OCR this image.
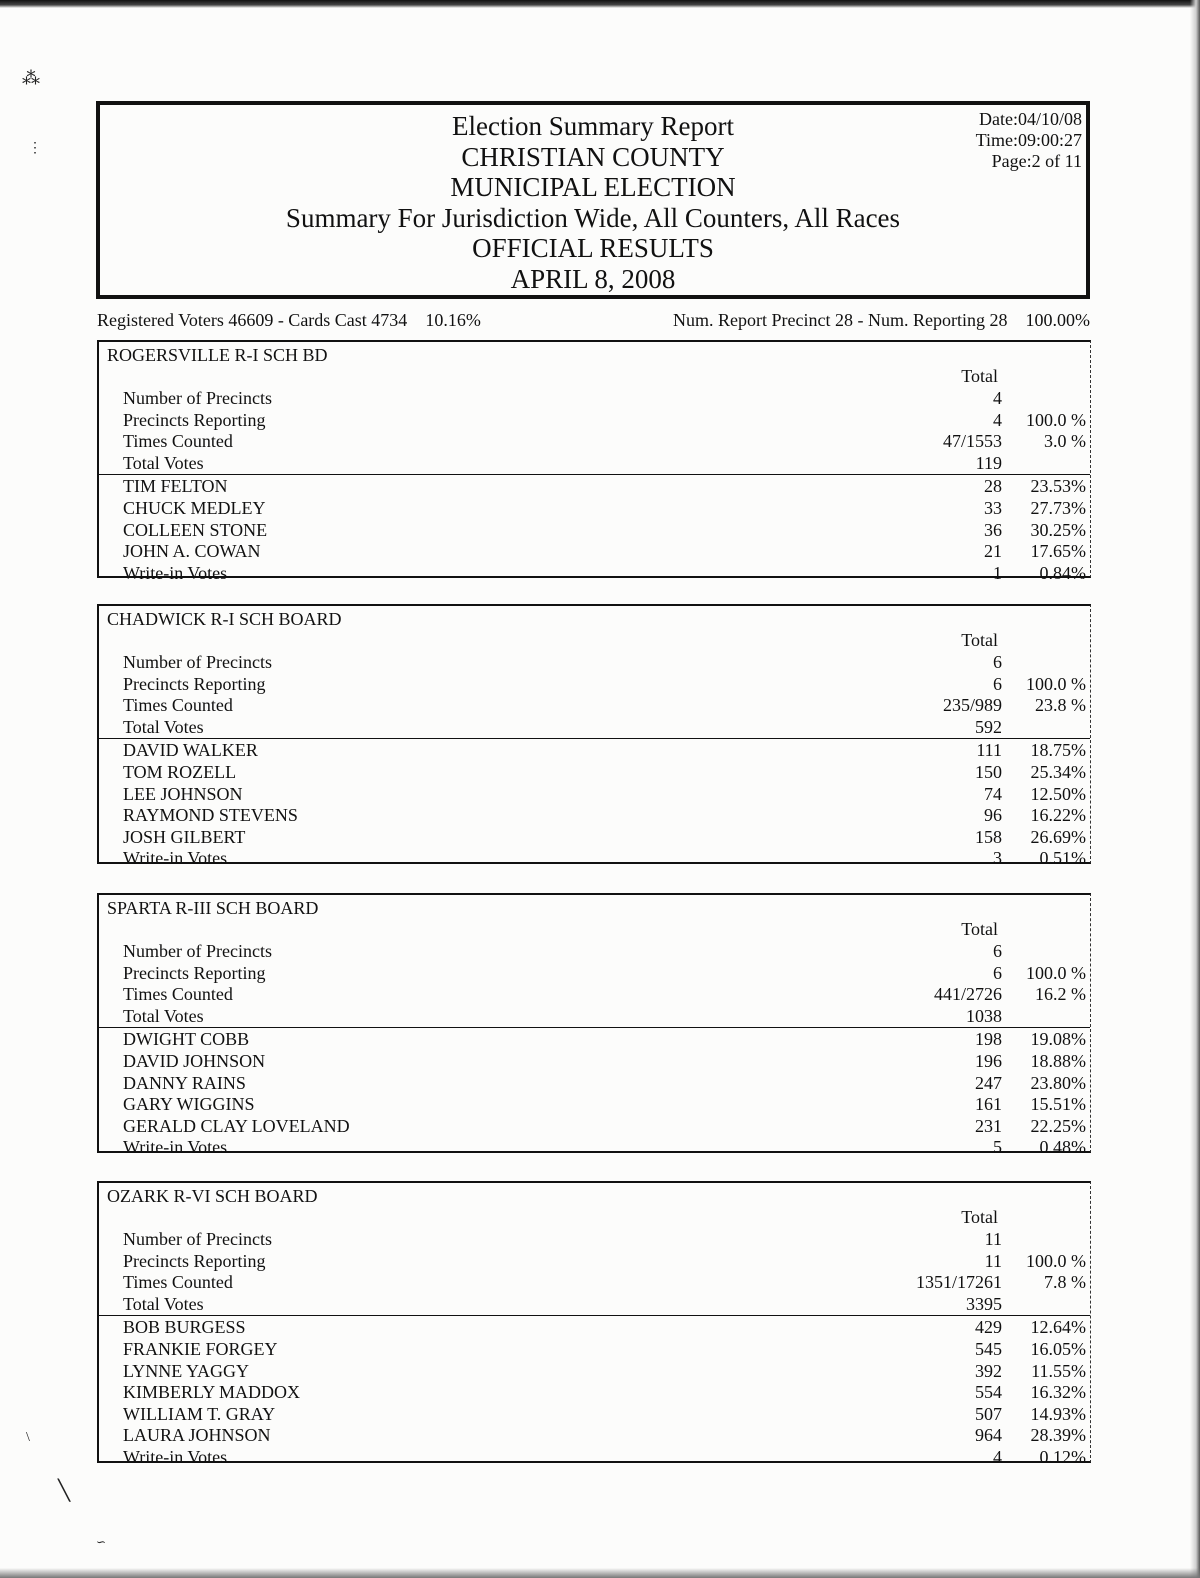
⁂
⋮
\
╲
∽
Election Summary Report
CHRISTIAN COUNTY
MUNICIPAL ELECTION
Summary For Jurisdiction Wide, All Counters, All Races
OFFICIAL RESULTS
APRIL 8, 2008
Date:04/10/08
Time:09:00:27
Page:2 of 11
Registered Voters 46609 - Cards Cast 4734 10.16%	Num. Report Precinct 28 - Num. Reporting 28 100.00%
ROGERSVILLE R-I SCH BD
Total
Number of Precincts	4
Precincts Reporting	4 100.0 %
Times Counted	47/1553 3.0 %
Total Votes	119
TIM FELTON	28 23.53%
CHUCK MEDLEY	33 27.73%
COLLEEN STONE	36 30.25%
JOHN A. COWAN	21 17.65%
Write-in Votes	1 0.84%
CHADWICK R-I SCH BOARD
Total
Number of Precincts	6
Precincts Reporting	6 100.0 %
Times Counted	235/989 23.8 %
Total Votes	592
DAVID WALKER	111 18.75%
TOM ROZELL	150 25.34%
LEE JOHNSON	74 12.50%
RAYMOND STEVENS	96 16.22%
JOSH GILBERT	158 26.69%
Write-in Votes	3 0.51%
SPARTA R-III SCH BOARD
Total
Number of Precincts	6
Precincts Reporting	6 100.0 %
Times Counted	441/2726 16.2 %
Total Votes	1038
DWIGHT COBB	198 19.08%
DAVID JOHNSON	196 18.88%
DANNY RAINS	247 23.80%
GARY WIGGINS	161 15.51%
GERALD CLAY LOVELAND	231 22.25%
Write-in Votes	5 0.48%
OZARK R-VI SCH BOARD
Total
Number of Precincts	11
Precincts Reporting	11 100.0 %
Times Counted	1351/17261 7.8 %
Total Votes	3395
BOB BURGESS	429 12.64%
FRANKIE FORGEY	545 16.05%
LYNNE YAGGY	392 11.55%
KIMBERLY MADDOX	554 16.32%
WILLIAM T. GRAY	507 14.93%
LAURA JOHNSON	964 28.39%
Write-in Votes	4 0.12%
